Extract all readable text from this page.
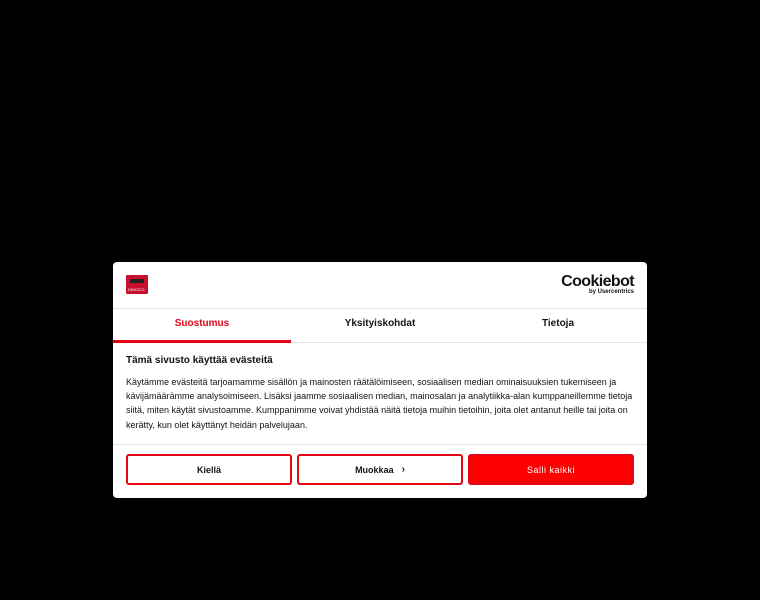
DINOCO	Cookiebot
by Usercentrics
Suostumus	Yksityiskohdat	Tietoja

Tämä sivusto käyttää evästeitä

Käytämme evästeitä tarjoamamme sisällön ja mainosten räätälöimiseen, sosiaalisen median ominaisuuksien tukemiseen ja kävijämäärämme analysoimiseen. Lisäksi jaamme sosiaalisen median, mainosalan ja analytiikka-alan kumppaneillemme tietoja siitä, miten käytät sivustoamme. Kumppanimme voivat yhdistää näitä tietoja muihin tietoihin, joita olet antanut heille tai joita on kerätty, kun olet käyttänyt heidän palvelujaan.

Kiellä	Muokkaa ›	Salli kaikki
